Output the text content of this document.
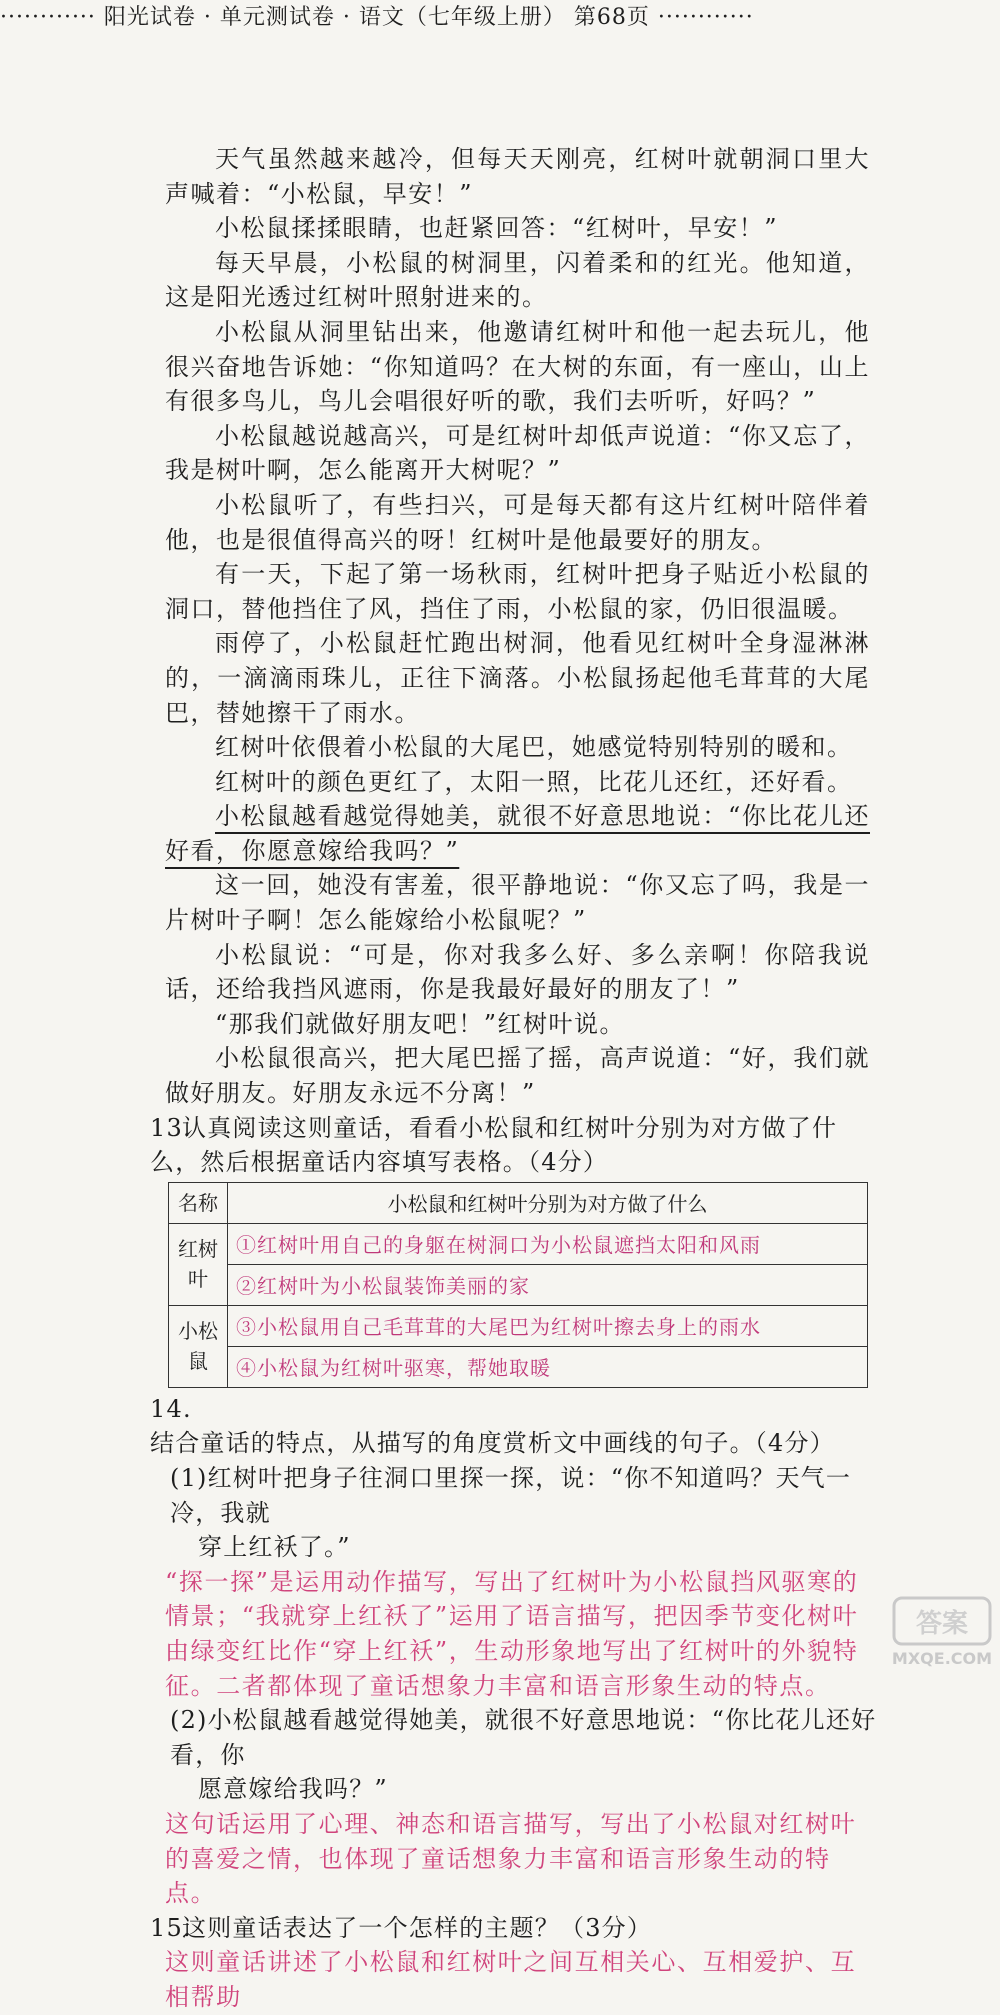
天气虽然越来越冷，但每天天刚亮，红树叶就朝洞口里大声喊着：“小松鼠，早安！”

小松鼠揉揉眼睛，也赶紧回答：“红树叶，早安！”

每天早晨，小松鼠的树洞里，闪着柔和的红光。他知道，这是阳光透过红树叶照射进来的。

小松鼠从洞里钻出来，他邀请红树叶和他一起去玩儿，他很兴奋地告诉她：“你知道吗？在大树的东面，有一座山，山上有很多鸟儿，鸟儿会唱很好听的歌，我们去听听，好吗？”

小松鼠越说越高兴，可是红树叶却低声说道：“你又忘了，我是树叶啊，怎么能离开大树呢？”

小松鼠听了，有些扫兴，可是每天都有这片红树叶陪伴着他，也是很值得高兴的呀！红树叶是他最要好的朋友。

有一天，下起了第一场秋雨，红树叶把身子贴近小松鼠的洞口，替他挡住了风，挡住了雨，小松鼠的家，仍旧很温暖。

雨停了，小松鼠赶忙跑出树洞，他看见红树叶全身湿淋淋的，一滴滴雨珠儿，正往下滴落。小松鼠扬起他毛茸茸的大尾巴，替她擦干了雨水。

红树叶依偎着小松鼠的大尾巴，她感觉特别特别的暖和。

红树叶的颜色更红了，太阳一照，比花儿还红，还好看。

小松鼠越看越觉得她美，就很不好意思地说：“你比花儿还好看，你愿意嫁给我吗？”

这一回，她没有害羞，很平静地说：“你又忘了吗，我是一片树叶子啊！怎么能嫁给小松鼠呢？”

小松鼠说：“可是，你对我多么好、多么亲啊！你陪我说话，还给我挡风遮雨，你是我最好最好的朋友了！”

“那我们就做好朋友吧！”红树叶说。

小松鼠很高兴，把大尾巴摇了摇，高声说道：“好，我们就做好朋友。好朋友永远不分离！”

13.认真阅读这则童话，看看小松鼠和红树叶分别为对方做了什么，然后根据童话内容填写表格。（4分）

名称	小松鼠和红树叶分别为对方做了什么
红树叶	①红树叶用自己的身躯在树洞口为小松鼠遮挡太阳和风雨
	②红树叶为小松鼠装饰美丽的家
小松鼠	③小松鼠用自己毛茸茸的大尾巴为红树叶擦去身上的雨水
	④小松鼠为红树叶驱寒，帮她取暖

14.结合童话的特点，从描写的角度赏析文中画线的句子。（4分）

(1)红树叶把身子往洞口里探一探，说：“你不知道吗？天气一冷，我就
穿上红袄了。”

“探一探”是运用动作描写，写出了红树叶为小松鼠挡风驱寒的情景；“我就穿上红袄了”运用了语言描写，把因季节变化树叶由绿变红比作“穿上红袄”，生动形象地写出了红树叶的外貌特征。二者都体现了童话想象力丰富和语言形象生动的特点。

(2)小松鼠越看越觉得她美，就很不好意思地说：“你比花儿还好看，你
愿意嫁给我吗？”

这句话运用了心理、神态和语言描写，写出了小松鼠对红树叶的喜爱之情，也体现了童话想象力丰富和语言形象生动的特点。

15.这则童话表达了一个怎样的主题？（3分）

这则童话讲述了小松鼠和红树叶之间互相关心、互相爱护、互相帮助

············ 阳光试卷 · 单元测试卷 · 语文（七年级上册） 第68页 ············
答案
MXQE.COM
